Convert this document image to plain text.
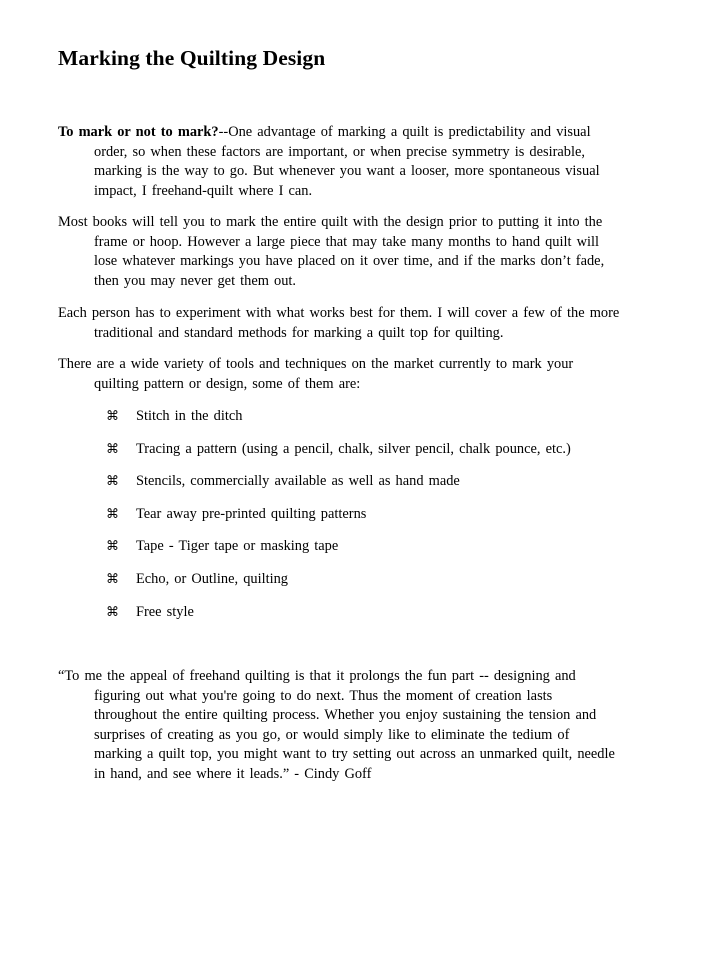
Marking the Quilting Design
To mark or not to mark?--One advantage of marking a quilt is predictability and visual
order, so when these factors are important, or when precise symmetry is desirable,
marking is the way to go. But whenever you want a looser, more spontaneous visual
impact, I freehand-quilt where I can.
Most books will tell you to mark the entire quilt with the design prior to putting it into the
frame or hoop. However a large piece that may take many months to hand quilt will
lose whatever markings you have placed on it over time, and if the marks don’t fade,
then you may never get them out.
Each person has to experiment with what works best for them. I will cover a few of the more
traditional and standard methods for marking a quilt top for quilting.
There are a wide variety of tools and techniques on the market currently to mark your
quilting pattern or design, some of them are:
⌘ Stitch in the ditch
⌘ Tracing a pattern (using a pencil, chalk, silver pencil, chalk pounce, etc.)
⌘ Stencils, commercially available as well as hand made
⌘ Tear away pre-printed quilting patterns
⌘ Tape - Tiger tape or masking tape
⌘ Echo, or Outline, quilting
⌘ Free style
“To me the appeal of freehand quilting is that it prolongs the fun part -- designing and
figuring out what you're going to do next. Thus the moment of creation lasts
throughout the entire quilting process. Whether you enjoy sustaining the tension and
surprises of creating as you go, or would simply like to eliminate the tedium of
marking a quilt top, you might want to try setting out across an unmarked quilt, needle
in hand, and see where it leads.” - Cindy Goff
